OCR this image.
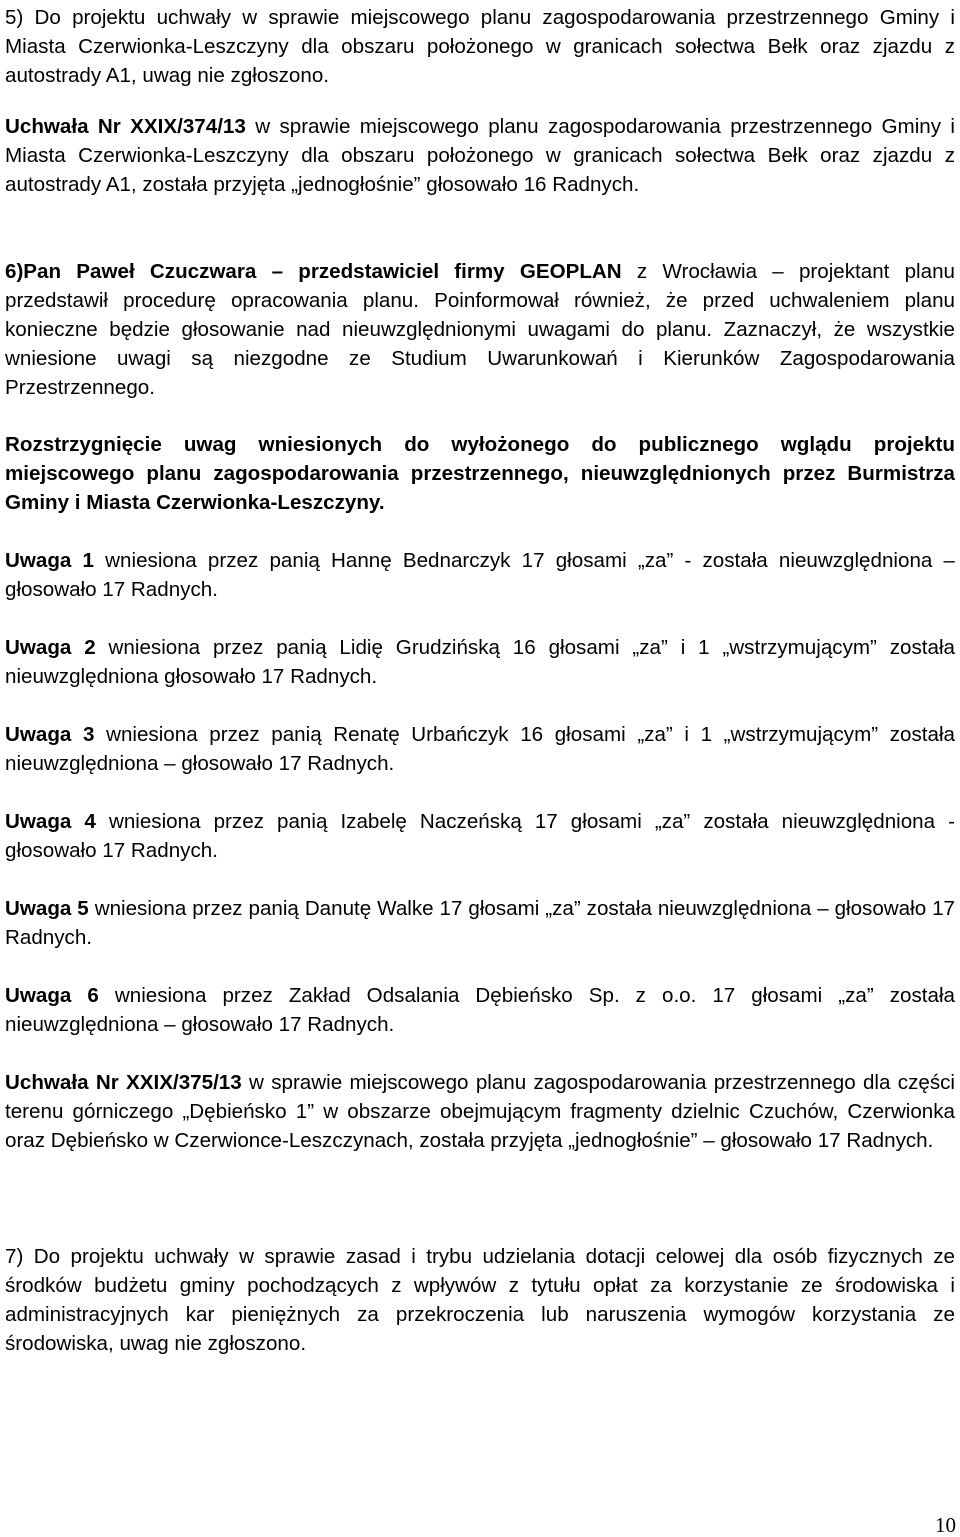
5) Do projektu uchwały w sprawie miejscowego planu zagospodarowania przestrzennego Gminy i Miasta Czerwionka-Leszczyny dla obszaru położonego w granicach sołectwa Bełk oraz zjazdu z autostrady A1, uwag nie zgłoszono.

Uchwała Nr XXIX/374/13 w sprawie miejscowego planu zagospodarowania przestrzennego Gminy i Miasta Czerwionka-Leszczyny dla obszaru położonego w granicach sołectwa Bełk oraz zjazdu z autostrady A1, została przyjęta „jednogłośnie” głosowało 16 Radnych.

6)Pan Paweł Czuczwara – przedstawiciel firmy GEOPLAN z Wrocławia – projektant planu przedstawił procedurę opracowania planu. Poinformował również, że przed uchwaleniem planu konieczne będzie głosowanie nad nieuwzględnionymi uwagami do planu. Zaznaczył, że wszystkie wniesione uwagi są niezgodne ze Studium Uwarunkowań i Kierunków Zagospodarowania Przestrzennego.

Rozstrzygnięcie uwag wniesionych do wyłożonego do publicznego wglądu projektu miejscowego planu zagospodarowania przestrzennego, nieuwzględnionych przez Burmistrza Gminy i Miasta Czerwionka-Leszczyny.

Uwaga 1 wniesiona przez panią Hannę Bednarczyk 17 głosami „za” - została nieuwzględniona – głosowało 17 Radnych.

Uwaga 2 wniesiona przez panią Lidię Grudzińską 16 głosami „za” i 1 „wstrzymującym” została nieuwzględniona głosowało 17 Radnych.

Uwaga 3 wniesiona przez panią Renatę Urbańczyk 16 głosami „za” i 1 „wstrzymującym” została nieuwzględniona – głosowało 17 Radnych.

Uwaga 4 wniesiona przez panią Izabelę Naczeńską 17 głosami „za” została nieuwzględniona - głosowało 17 Radnych.

Uwaga 5 wniesiona przez panią Danutę Walke 17 głosami „za” została nieuwzględniona – głosowało 17 Radnych.

Uwaga 6 wniesiona przez Zakład Odsalania Dębieńsko Sp. z o.o. 17 głosami „za” została nieuwzględniona – głosowało 17 Radnych.

Uchwała Nr XXIX/375/13 w sprawie miejscowego planu zagospodarowania przestrzennego dla części terenu górniczego „Dębieńsko 1” w obszarze obejmującym fragmenty dzielnic Czuchów, Czerwionka oraz Dębieńsko w Czerwionce-Leszczynach, została przyjęta „jednogłośnie” – głosowało 17 Radnych.

7) Do projektu uchwały w sprawie zasad i trybu udzielania dotacji celowej dla osób fizycznych ze środków budżetu gminy pochodzących z wpływów z tytułu opłat za korzystanie ze środowiska i administracyjnych kar pieniężnych za przekroczenia lub naruszenia wymogów korzystania ze środowiska, uwag nie zgłoszono.

10
